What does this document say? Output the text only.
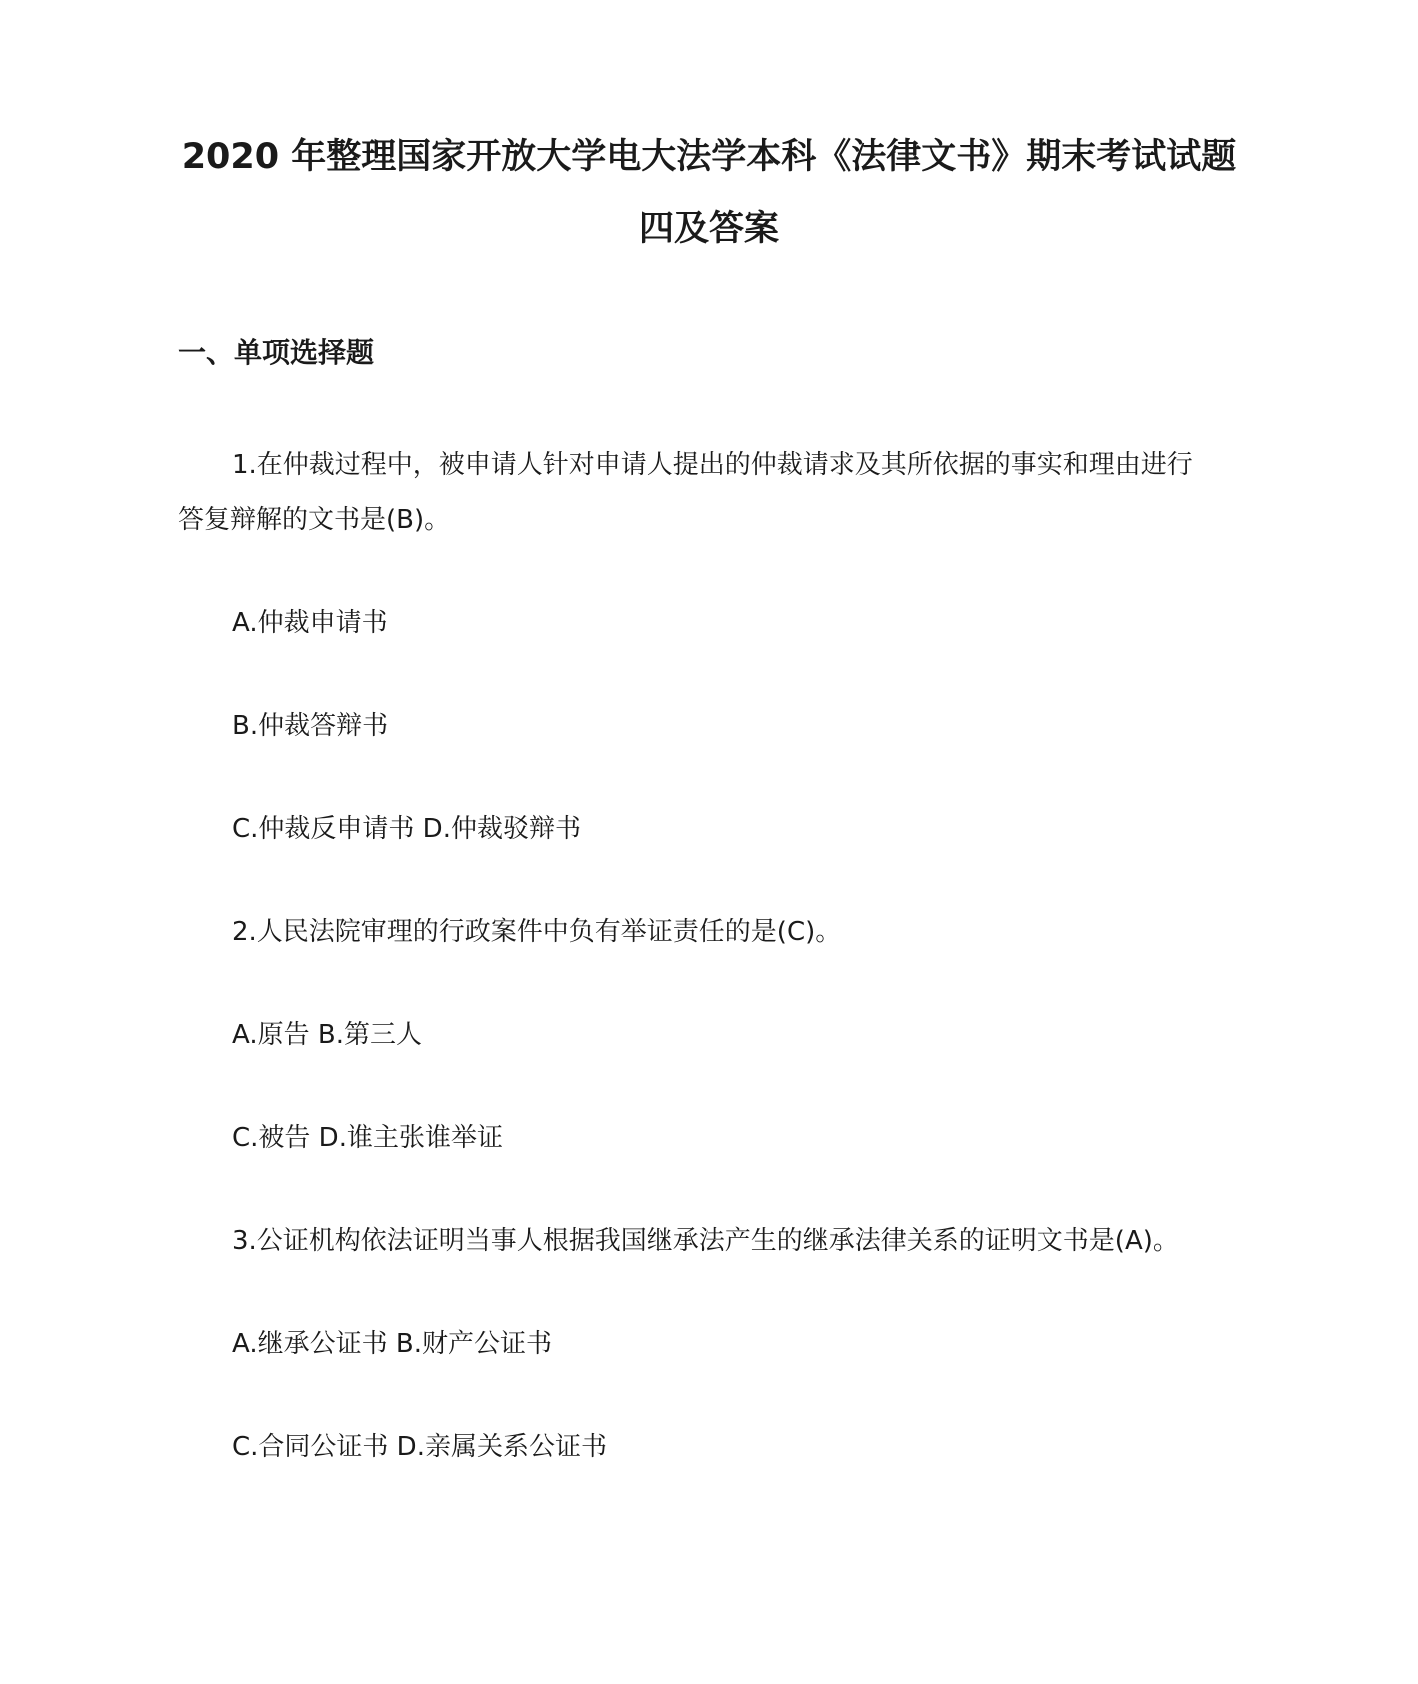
2020 年整理国家开放大学电大法学本科《法律文书》期末考试试题
四及答案
一、单项选择题
1.在仲裁过程中，被申请人针对申请人提出的仲裁请求及其所依据的事实和理由进行
答复辩解的文书是(B)。
A.仲裁申请书
B.仲裁答辩书
C.仲裁反申请书 D.仲裁驳辩书
2.人民法院审理的行政案件中负有举证责任的是(C)。
A.原告 B.第三人
C.被告 D.谁主张谁举证
3.公证机构依法证明当事人根据我国继承法产生的继承法律关系的证明文书是(A)。
A.继承公证书 B.财产公证书
C.合同公证书 D.亲属关系公证书
